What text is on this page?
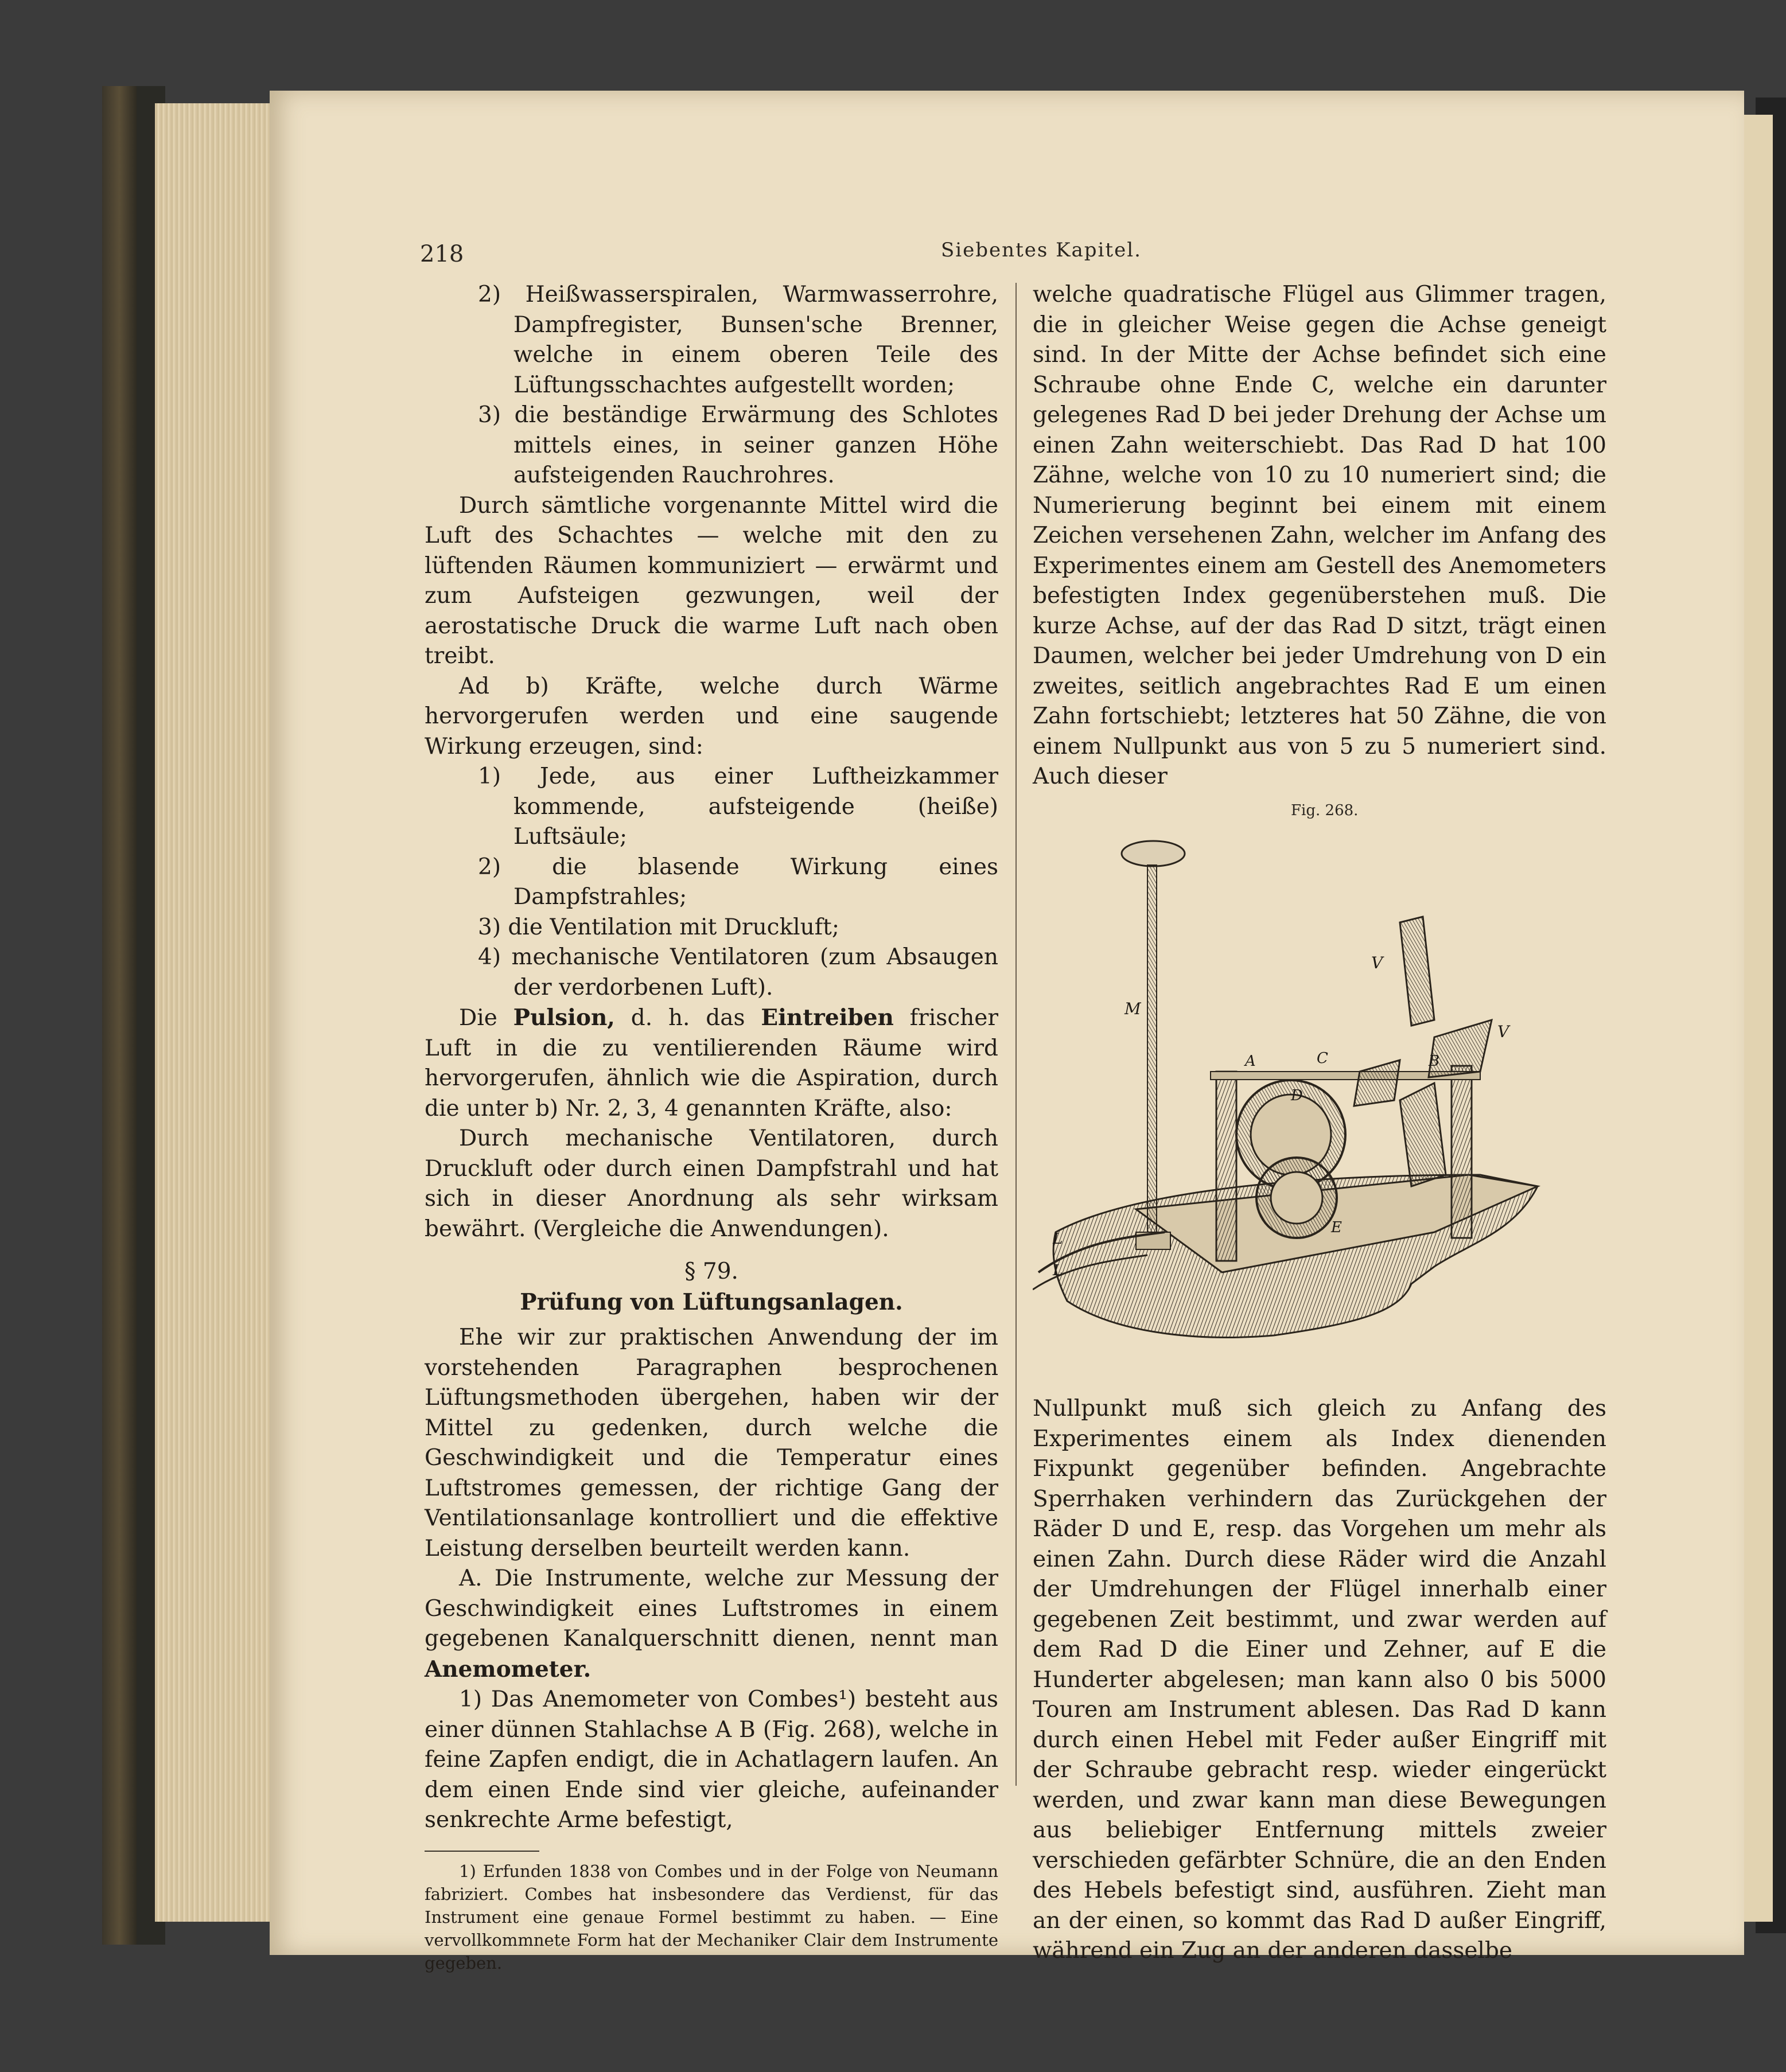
218	Siebentes Kapitel.

2) Heißwasserspiralen, Warmwasserrohre, Dampfregister, Bunsen'sche Brenner, welche in einem oberen Teile des Lüftungsschachtes aufgestellt worden;

3) die beständige Erwärmung des Schlotes mittels eines, in seiner ganzen Höhe aufsteigenden Rauchrohres.

Durch sämtliche vorgenannte Mittel wird die Luft des Schachtes — welche mit den zu lüftenden Räumen kommuniziert — erwärmt und zum Aufsteigen gezwungen, weil der aerostatische Druck die warme Luft nach oben treibt.

Ad b) Kräfte, welche durch Wärme hervorgerufen werden und eine saugende Wirkung erzeugen, sind:

1) Jede, aus einer Luftheizkammer kommende, aufsteigende (heiße) Luftsäule;

2) die blasende Wirkung eines Dampfstrahles;

3) die Ventilation mit Druckluft;

4) mechanische Ventilatoren (zum Absaugen der verdorbenen Luft).

Die Pulsion, d. h. das Eintreiben frischer Luft in die zu ventilierenden Räume wird hervorgerufen, ähnlich wie die Aspiration, durch die unter b) Nr. 2, 3, 4 genannten Kräfte, also:

Durch mechanische Ventilatoren, durch Druckluft oder durch einen Dampfstrahl und hat sich in dieser Anordnung als sehr wirksam bewährt. (Vergleiche die Anwendungen).

§ 79.

Prüfung von Lüftungsanlagen.

Ehe wir zur praktischen Anwendung der im vorstehenden Paragraphen besprochenen Lüftungsmethoden übergehen, haben wir der Mittel zu gedenken, durch welche die Geschwindigkeit und die Temperatur eines Luftstromes gemessen, der richtige Gang der Ventilationsanlage kontrolliert und die effektive Leistung derselben beurteilt werden kann.

A. Die Instrumente, welche zur Messung der Geschwindigkeit eines Luftstromes in einem gegebenen Kanalquerschnitt dienen, nennt man Anemometer.

1) Das Anemometer von Combes¹) besteht aus einer dünnen Stahlachse A B (Fig. 268), welche in feine Zapfen endigt, die in Achatlagern laufen. An dem einen Ende sind vier gleiche, aufeinander senkrechte Arme befestigt,

1) Erfunden 1838 von Combes und in der Folge von Neumann fabriziert. Combes hat insbesondere das Verdienst, für das Instrument eine genaue Formel bestimmt zu haben. — Eine vervollkommnete Form hat der Mechaniker Clair dem Instrumente gegeben.

welche quadratische Flügel aus Glimmer tragen, die in gleicher Weise gegen die Achse geneigt sind. In der Mitte der Achse befindet sich eine Schraube ohne Ende C, welche ein darunter gelegenes Rad D bei jeder Drehung der Achse um einen Zahn weiterschiebt. Das Rad D hat 100 Zähne, welche von 10 zu 10 numeriert sind; die Numerierung beginnt bei einem mit einem Zeichen versehenen Zahn, welcher im Anfang des Experimentes einem am Gestell des Anemometers befestigten Index gegenüberstehen muß. Die kurze Achse, auf der das Rad D sitzt, trägt einen Daumen, welcher bei jeder Umdrehung von D ein zweites, seitlich angebrachtes Rad E um einen Zahn fortschiebt; letzteres hat 50 Zähne, die von einem Nullpunkt aus von 5 zu 5 numeriert sind. Auch dieser

Fig. 268.
M
V
V
A	C	B
D
E
L
L

Nullpunkt muß sich gleich zu Anfang des Experimentes einem als Index dienenden Fixpunkt gegenüber befinden. Angebrachte Sperrhaken verhindern das Zurückgehen der Räder D und E, resp. das Vorgehen um mehr als einen Zahn. Durch diese Räder wird die Anzahl der Umdrehungen der Flügel innerhalb einer gegebenen Zeit bestimmt, und zwar werden auf dem Rad D die Einer und Zehner, auf E die Hunderter abgelesen; man kann also 0 bis 5000 Touren am Instrument ablesen. Das Rad D kann durch einen Hebel mit Feder außer Eingriff mit der Schraube gebracht resp. wieder eingerückt werden, und zwar kann man diese Bewegungen aus beliebiger Entfernung mittels zweier verschieden gefärbter Schnüre, die an den Enden des Hebels befestigt sind, ausführen. Zieht man an der einen, so kommt das Rad D außer Eingriff, während ein Zug an der anderen dasselbe
